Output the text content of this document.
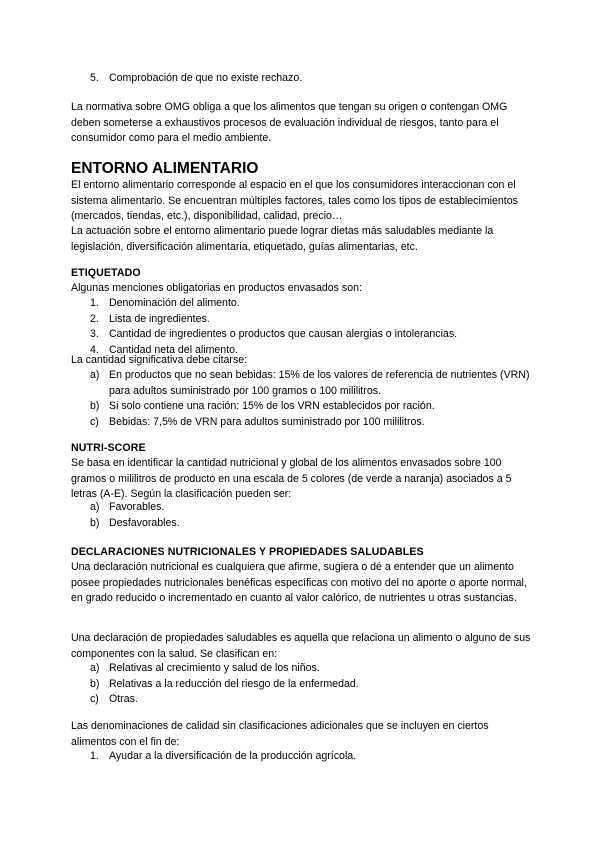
5. Comprobación de que no existe rechazo.

La normativa sobre OMG obliga a que los alimentos que tengan su origen o contengan OMG deben someterse a exhaustivos procesos de evaluación individual de riesgos, tanto para el consumidor como para el medio ambiente.

ENTORNO ALIMENTARIO

El entorno alimentario corresponde al espacio en el que los consumidores interaccionan con el sistema alimentario. Se encuentran múltiples factores, tales como los tipos de establecimientos (mercados, tiendas, etc.), disponibilidad, calidad, precio…

La actuación sobre el entorno alimentario puede lograr dietas más saludables mediante la legislación, diversificación alimentaria, etiquetado, guías alimentarias, etc.

ETIQUETADO

Algunas menciones obligatorias en productos envasados son:

1. Denominación del alimento.
2. Lista de ingredientes.
3. Cantidad de ingredientes o productos que causan alergias o intolerancias.
4. Cantidad neta del alimento.

La cantidad significativa debe citarse:

a) En productos que no sean bebidas: 15% de los valores de referencia de nutrientes (VRN) para adultos suministrado por 100 gramos o 100 mililitros.
b) Si solo contiene una ración: 15% de los VRN establecidos por ración.
c) Bebidas: 7,5% de VRN para adultos suministrado por 100 mililitros.
NUTRI-SCORE

Se basa en identificar la cantidad nutricional y global de los alimentos envasados sobre 100 gramos o mililitros de producto en una escala de 5 colores (de verde a naranja) asociados a 5 letras (A-E). Según la clasificación pueden ser:

a) Favorables.
b) Desfavorables.
DECLARACIONES NUTRICIONALES Y PROPIEDADES SALUDABLES

Una declaración nutricional es cualquiera que afirme, sugiera o dé a entender que un alimento posee propiedades nutricionales benéficas específicas con motivo del no aporte o aporte normal, en grado reducido o incrementado en cuanto al valor calórico, de nutrientes u otras sustancias.

Una declaración de propiedades saludables es aquella que relaciona un alimento o alguno de sus componentes con la salud. Se clasifican en:

a) Relativas al crecimiento y salud de los niños.
b) Relativas a la reducción del riesgo de la enfermedad.
c) Otras.

Las denominaciones de calidad sin clasificaciones adicionales que se incluyen en ciertos alimentos con el fin de:

1. Ayudar a la diversificación de la producción agrícola.
